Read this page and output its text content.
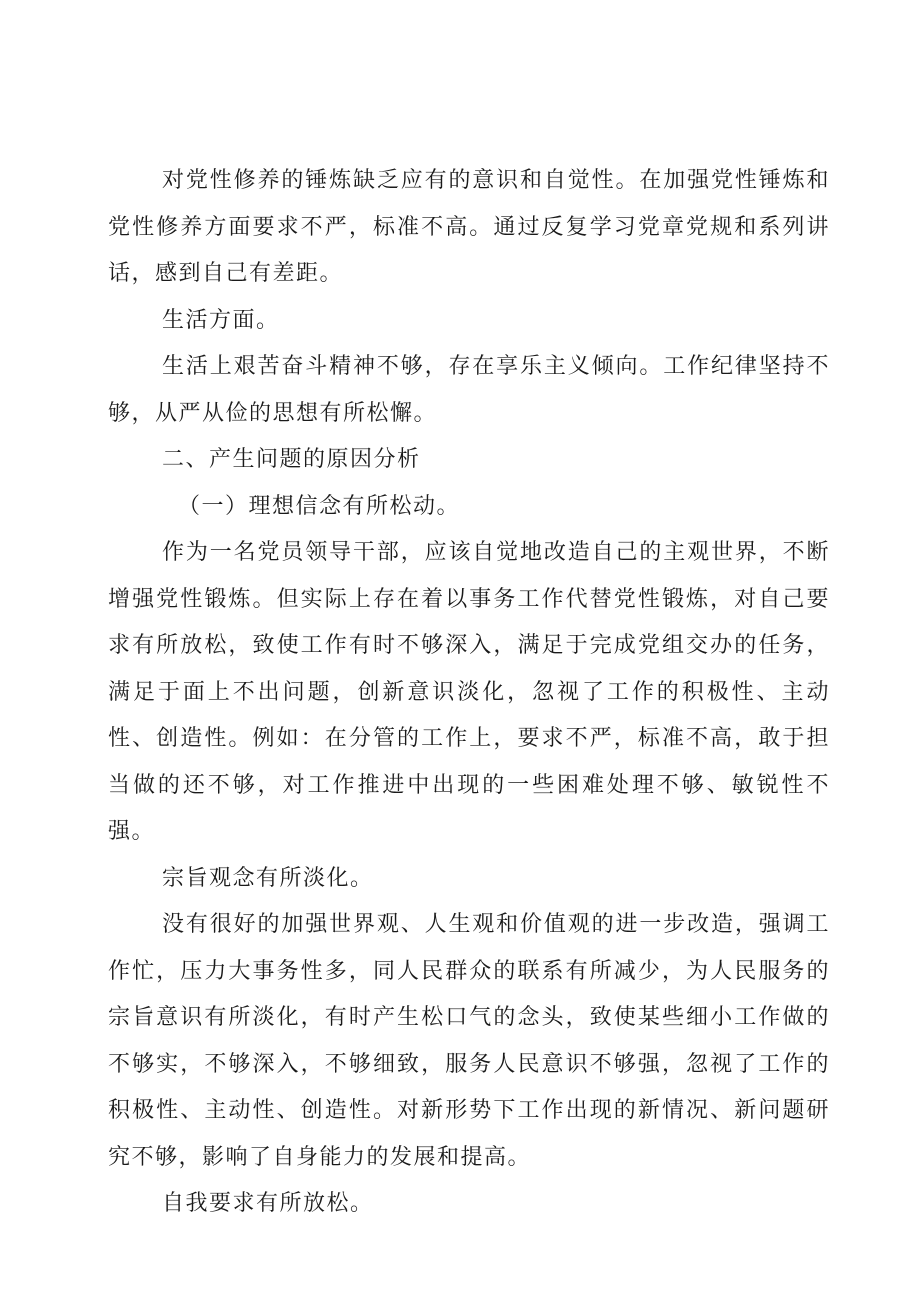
对党性修养的锤炼缺乏应有的意识和自觉性。在加强党性锤炼和党性修养方面要求不严，标准不高。通过反复学习党章党规和系列讲话，感到自己有差距。

生活方面。

生活上艰苦奋斗精神不够，存在享乐主义倾向。工作纪律坚持不够，从严从俭的思想有所松懈。

二、产生问题的原因分析

（一）理想信念有所松动。

作为一名党员领导干部，应该自觉地改造自己的主观世界，不断增强党性锻炼。但实际上存在着以事务工作代替党性锻炼，对自己要求有所放松，致使工作有时不够深入，满足于完成党组交办的任务，满足于面上不出问题，创新意识淡化，忽视了工作的积极性、主动性、创造性。例如：在分管的工作上，要求不严，标准不高，敢于担当做的还不够，对工作推进中出现的一些困难处理不够、敏锐性不强。

宗旨观念有所淡化。

没有很好的加强世界观、人生观和价值观的进一步改造，强调工作忙，压力大事务性多，同人民群众的联系有所减少，为人民服务的宗旨意识有所淡化，有时产生松口气的念头，致使某些细小工作做的不够实，不够深入，不够细致，服务人民意识不够强，忽视了工作的积极性、主动性、创造性。对新形势下工作出现的新情况、新问题研究不够，影响了自身能力的发展和提高。

自我要求有所放松。
